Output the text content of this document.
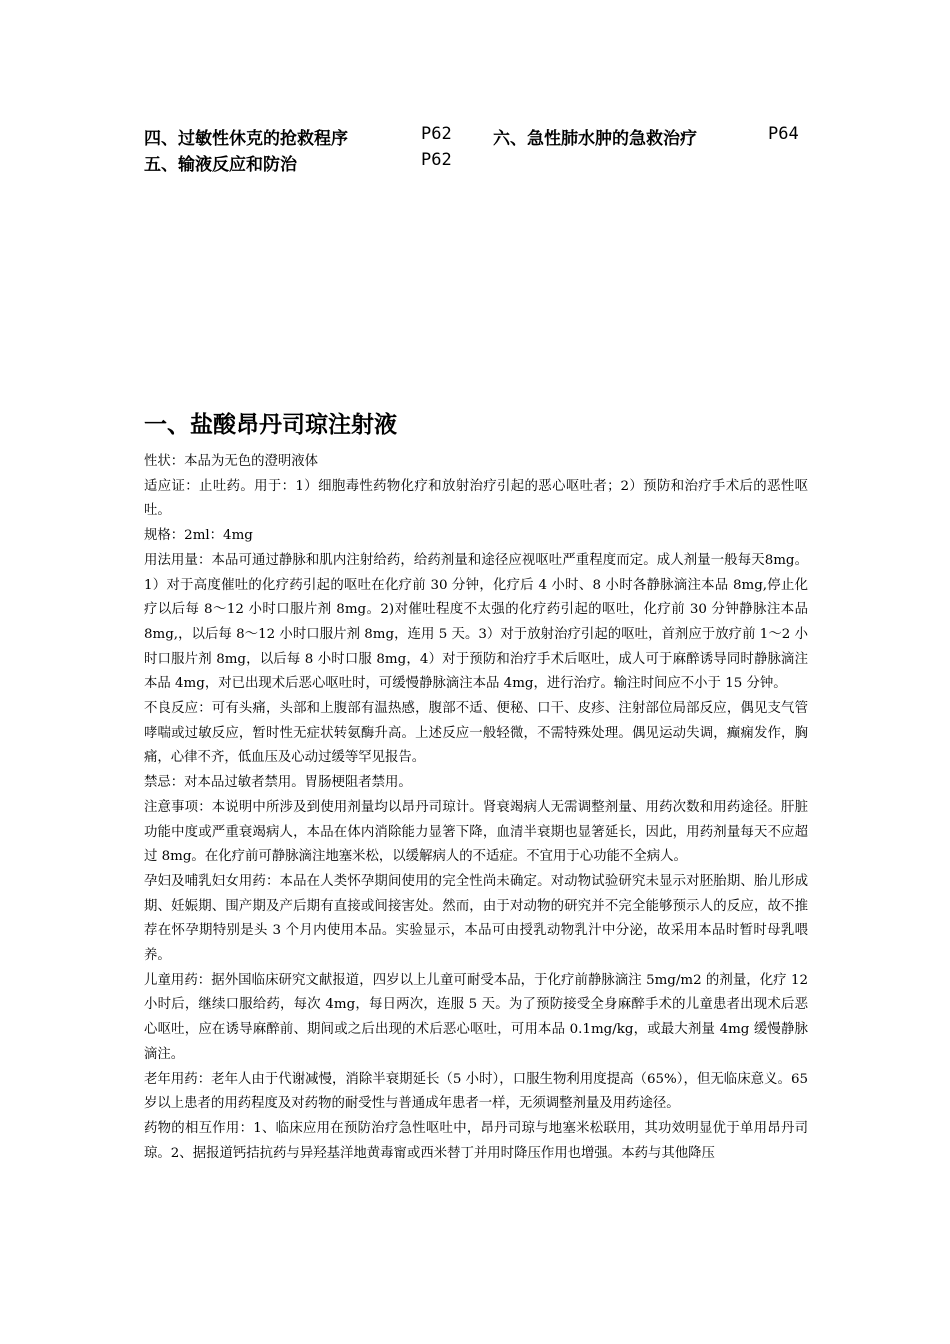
四、过敏性休克的抢救程序	P62 六、急性肺水肿的急救治疗	P64
五、输液反应和防治	P62
一、盐酸昂丹司琼注射液

性状：本品为无色的澄明液体

适应证：止吐药。用于：1）细胞毒性药物化疗和放射治疗引起的恶心呕吐者；2）预防和治疗手术后的恶性呕吐。

规格：2ml：4mg

用法用量：本品可通过静脉和肌内注射给药，给药剂量和途径应视呕吐严重程度而定。成人剂量一般每天8mg。1）对于高度催吐的化疗药引起的呕吐在化疗前 30 分钟，化疗后 4 小时、8 小时各静脉滴注本品 8mg,停止化疗以后每 8～12 小时口服片剂 8mg。2)对催吐程度不太强的化疗药引起的呕吐，化疗前 30 分钟静脉注本品 8mg,，以后每 8～12 小时口服片剂 8mg，连用 5 天。3）对于放射治疗引起的呕吐，首剂应于放疗前 1～2 小时口服片剂 8mg，以后每 8 小时口服 8mg，4）对于预防和治疗手术后呕吐，成人可于麻醉诱导同时静脉滴注本品 4mg，对已出现术后恶心呕吐时，可缓慢静脉滴注本品 4mg，进行治疗。输注时间应不小于 15 分钟。

不良反应：可有头痛，头部和上腹部有温热感，腹部不适、便秘、口干、皮疹、注射部位局部反应，偶见支气管哮喘或过敏反应，暂时性无症状转氨酶升高。上述反应一般轻微，不需特殊处理。偶见运动失调，癫痫发作，胸痛，心律不齐，低血压及心动过缓等罕见报告。

禁忌：对本品过敏者禁用。胃肠梗阻者禁用。

注意事项：本说明中所涉及到使用剂量均以昂丹司琼计。肾衰竭病人无需调整剂量、用药次数和用药途径。肝脏功能中度或严重衰竭病人，本品在体内消除能力显箸下降，血清半衰期也显箸延长，因此，用药剂量每天不应超过 8mg。在化疗前可静脉滴注地塞米松，以缓解病人的不适症。不宜用于心功能不全病人。

孕妇及哺乳妇女用药：本品在人类怀孕期间使用的完全性尚未确定。对动物试验研究未显示对胚胎期、胎儿形成期、妊娠期、围产期及产后期有直接或间接害处。然而，由于对动物的研究并不完全能够预示人的反应，故不推荐在怀孕期特别是头 3 个月内使用本品。实验显示，本品可由授乳动物乳汁中分泌，故采用本品时暂时母乳喂养。

儿童用药：据外国临床研究文献报道，四岁以上儿童可耐受本品，于化疗前静脉滴注 5mg/m2 的剂量，化疗 12 小时后，继续口服给药，每次 4mg，每日两次，连服 5 天。为了预防接受全身麻醉手术的儿童患者出现术后恶心呕吐，应在诱导麻醉前、期间或之后出现的术后恶心呕吐，可用本品 0.1mg/kg，或最大剂量 4mg 缓慢静脉滴注。

老年用药：老年人由于代谢减慢，消除半衰期延长（5 小时），口服生物利用度提高（65%），但无临床意义。65 岁以上患者的用药程度及对药物的耐受性与普通成年患者一样，无须调整剂量及用药途径。

药物的相互作用：1、临床应用在预防治疗急性呕吐中，昂丹司琼与地塞米松联用，其功效明显优于单用昂丹司琼。2、据报道钙拮抗药与异羟基洋地黄毒甯或西米替丁并用时降压作用也增强。本药与其他降压
